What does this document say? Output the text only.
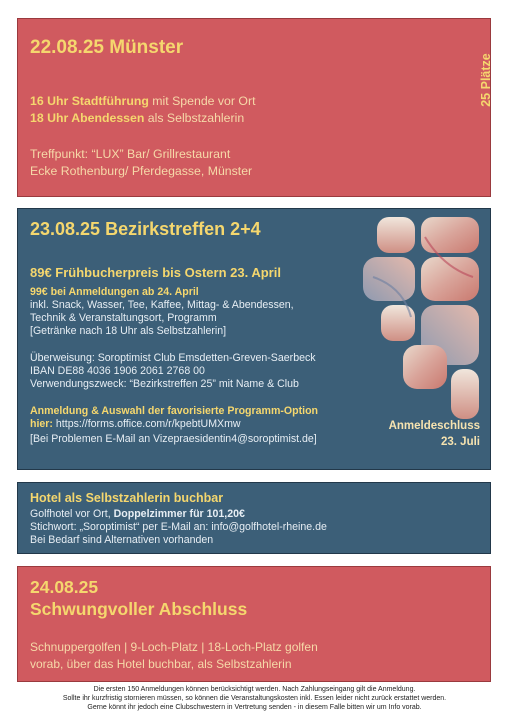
22.08.25 Münster
16 Uhr Stadtführung mit Spende vor Ort
18 Uhr Abendessen als Selbstzahlerin
Treffpunkt: “LUX” Bar/ Grillrestaurant
Ecke Rothenburg/ Pferdegasse, Münster
25 Plätze
23.08.25 Bezirkstreffen 2+4
89€ Frühbucherpreis bis Ostern 23. April
99€ bei Anmeldungen ab 24. April
inkl. Snack, Wasser, Tee, Kaffee, Mittag- & Abendessen,
Technik & Veranstaltungsort, Programm
[Getränke nach 18 Uhr als Selbstzahlerin]
Überweisung: Soroptimist Club Emsdetten-Greven-Saerbeck
IBAN DE88 4036 1906 2061 2768 00
Verwendungszweck: “Bezirkstreffen 25” mit Name & Club
Anmeldung & Auswahl der favorisierte Programm-Option
hier: https://forms.office.com/r/kpebtUMXmw
[Bei Problemen E-Mail an Vizepraesidentin4@soroptimist.de]
Anmeldeschluss
23. Juli
Hotel als Selbstzahlerin buchbar
Golfhotel vor Ort, Doppelzimmer für 101,20€
Stichwort: „Soroptimist“ per E-Mail an: info@golfhotel-rheine.de
Bei Bedarf sind Alternativen vorhanden
24.08.25
Schwungvoller Abschluss
Schnuppergolfen | 9-Loch-Platz | 18-Loch-Platz golfen
vorab, über das Hotel buchbar, als Selbstzahlerin
Die ersten 150 Anmeldungen können berücksichtigt werden. Nach Zahlungseingang gilt die Anmeldung.
Sollte ihr kurzfristig stornieren müssen, so können die Veranstaltungskosten inkl. Essen leider nicht zurück erstattet werden.
Gerne könnt ihr jedoch eine Clubschwestern in Vertretung senden - in diesem Falle bitten wir um Info vorab.
